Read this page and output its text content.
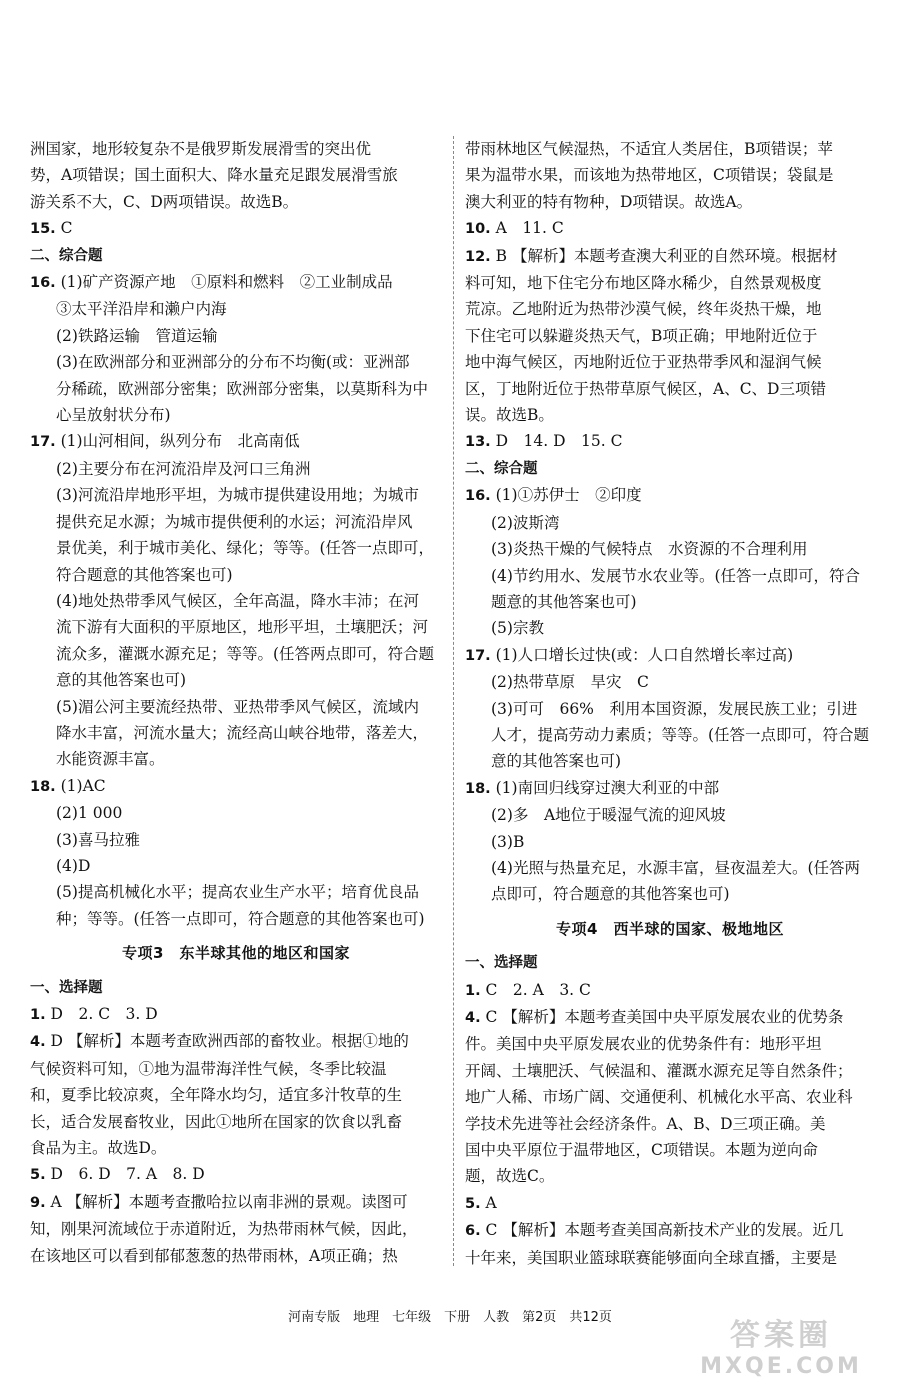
洲国家，地形较复杂不是俄罗斯发展滑雪的突出优
势，A项错误；国土面积大、降水量充足跟发展滑雪旅
游关系不大，C、D两项错误。故选B。
15. C
二、综合题
16. (1)矿产资源产地　①原料和燃料　②工业制成品
③太平洋沿岸和濑户内海
(2)铁路运输　管道运输
(3)在欧洲部分和亚洲部分的分布不均衡(或：亚洲部
分稀疏，欧洲部分密集；欧洲部分密集，以莫斯科为中
心呈放射状分布)
17. (1)山河相间，纵列分布　北高南低
(2)主要分布在河流沿岸及河口三角洲
(3)河流沿岸地形平坦，为城市提供建设用地；为城市
提供充足水源；为城市提供便利的水运；河流沿岸风
景优美，利于城市美化、绿化；等等。(任答一点即可，
符合题意的其他答案也可)
(4)地处热带季风气候区，全年高温，降水丰沛；在河
流下游有大面积的平原地区，地形平坦，土壤肥沃；河
流众多，灌溉水源充足；等等。(任答两点即可，符合题
意的其他答案也可)
(5)湄公河主要流经热带、亚热带季风气候区，流域内
降水丰富，河流水量大；流经高山峡谷地带，落差大，
水能资源丰富。
18. (1)AC
(2)1 000
(3)喜马拉雅
(4)D
(5)提高机械化水平；提高农业生产水平；培育优良品
种；等等。(任答一点即可，符合题意的其他答案也可)
专项3　东半球其他的地区和国家
一、选择题
1. D　2. C　3. D
4. D 【解析】本题考查欧洲西部的畜牧业。根据①地的
气候资料可知，①地为温带海洋性气候，冬季比较温
和，夏季比较凉爽，全年降水均匀，适宜多汁牧草的生
长，适合发展畜牧业，因此①地所在国家的饮食以乳畜
食品为主。故选D。
5. D　6. D　7. A　8. D
9. A 【解析】本题考查撒哈拉以南非洲的景观。读图可
知，刚果河流域位于赤道附近，为热带雨林气候，因此，
在该地区可以看到郁郁葱葱的热带雨林，A项正确；热
带雨林地区气候湿热，不适宜人类居住，B项错误；苹
果为温带水果，而该地为热带地区，C项错误；袋鼠是
澳大利亚的特有物种，D项错误。故选A。
10. A　11. C
12. B 【解析】本题考查澳大利亚的自然环境。根据材
料可知，地下住宅分布地区降水稀少，自然景观极度
荒凉。乙地附近为热带沙漠气候，终年炎热干燥，地
下住宅可以躲避炎热天气，B项正确；甲地附近位于
地中海气候区，丙地附近位于亚热带季风和湿润气候
区，丁地附近位于热带草原气候区，A、C、D三项错
误。故选B。
13. D　14. D　15. C
二、综合题
16. (1)①苏伊士　②印度
(2)波斯湾
(3)炎热干燥的气候特点　水资源的不合理利用
(4)节约用水、发展节水农业等。(任答一点即可，符合
题意的其他答案也可)
(5)宗教
17. (1)人口增长过快(或：人口自然增长率过高)
(2)热带草原　旱灾　C
(3)可可　66%　利用本国资源，发展民族工业；引进
人才，提高劳动力素质；等等。(任答一点即可，符合题
意的其他答案也可)
18. (1)南回归线穿过澳大利亚的中部
(2)多　A地位于暖湿气流的迎风坡
(3)B
(4)光照与热量充足，水源丰富，昼夜温差大。(任答两
点即可，符合题意的其他答案也可)
专项4　西半球的国家、极地地区
一、选择题
1. C　2. A　3. C
4. C 【解析】本题考查美国中央平原发展农业的优势条
件。美国中央平原发展农业的优势条件有：地形平坦
开阔、土壤肥沃、气候温和、灌溉水源充足等自然条件；
地广人稀、市场广阔、交通便利、机械化水平高、农业科
学技术先进等社会经济条件。A、B、D三项正确。美
国中央平原位于温带地区，C项错误。本题为逆向命
题，故选C。
5. A
6. C 【解析】本题考查美国高新技术产业的发展。近几
十年来，美国职业篮球联赛能够面向全球直播，主要是
河南专版　地理　七年级　下册　人教　第2页　共12页
答案圈
MXQE.COM
